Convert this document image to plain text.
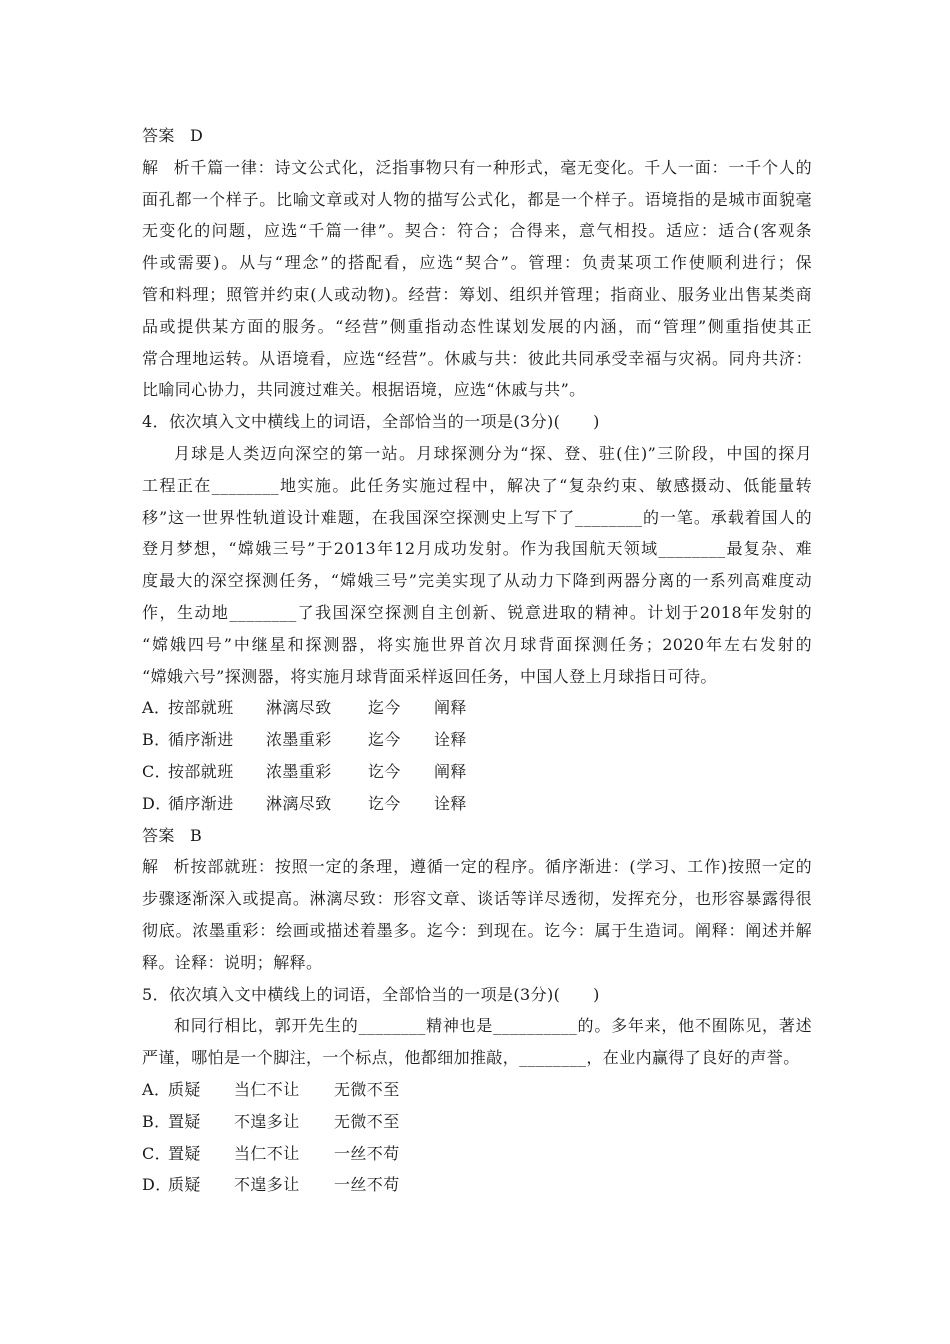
答案 D
解析千篇一律：诗文公式化，泛指事物只有一种形式，毫无变化。千人一面：一千个人的
面孔都一个样子。比喻文章或对人物的描写公式化，都是一个样子。语境指的是城市面貌毫
无变化的问题，应选“千篇一律”。契合：符合；合得来，意气相投。适应：适合(客观条
件或需要)。从与“理念”的搭配看，应选“契合”。管理：负责某项工作使顺利进行；保
管和料理；照管并约束(人或动物)。经营：筹划、组织并管理；指商业、服务业出售某类商
品或提供某方面的服务。“经营”侧重指动态性谋划发展的内涵，而“管理”侧重指使其正
常合理地运转。从语境看，应选“经营”。休戚与共：彼此共同承受幸福与灾祸。同舟共济：
比喻同心协力，共同渡过难关。根据语境，应选“休戚与共”。
4．依次填入文中横线上的词语，全部恰当的一项是(3分)(　　)
月球是人类迈向深空的第一站。月球探测分为“探、登、驻(住)”三阶段，中国的探月
工程正在________地实施。此任务实施过程中，解决了“复杂约束、敏感摄动、低能量转
移”这一世界性轨道设计难题，在我国深空探测史上写下了________的一笔。承载着国人的
登月梦想，“嫦娥三号”于2013年12月成功发射。作为我国航天领域________最复杂、难
度最大的深空探测任务，“嫦娥三号”完美实现了从动力下降到两器分离的一系列高难度动
作，生动地________了我国深空探测自主创新、锐意进取的精神。计划于2018年发射的
“嫦娥四号”中继星和探测器，将实施世界首次月球背面探测任务；2020年左右发射的
“嫦娥六号”探测器，将实施月球背面采样返回任务，中国人登上月球指日可待。
A．
按部就班	淋漓尽致	迄今	阐释
B．
循序渐进	浓墨重彩	迄今	诠释
C．
按部就班	浓墨重彩	讫今	阐释
D．
循序渐进	淋漓尽致	讫今	诠释
答案 B
解析按部就班：按照一定的条理，遵循一定的程序。循序渐进：(学习、工作)按照一定的
步骤逐渐深入或提高。淋漓尽致：形容文章、谈话等详尽透彻，发挥充分，也形容暴露得很
彻底。浓墨重彩：绘画或描述着墨多。迄今：到现在。讫今：属于生造词。阐释：阐述并解
释。诠释：说明；解释。
5．依次填入文中横线上的词语，全部恰当的一项是(3分)(　　)
和同行相比，郭开先生的________精神也是__________的。多年来，他不囿陈见，著述
严谨，哪怕是一个脚注，一个标点，他都细加推敲，________，在业内赢得了良好的声誉。
A．
质疑	当仁不让	无微不至
B．
置疑	不遑多让	无微不至
C．
置疑	当仁不让	一丝不苟
D．
质疑	不遑多让	一丝不苟
